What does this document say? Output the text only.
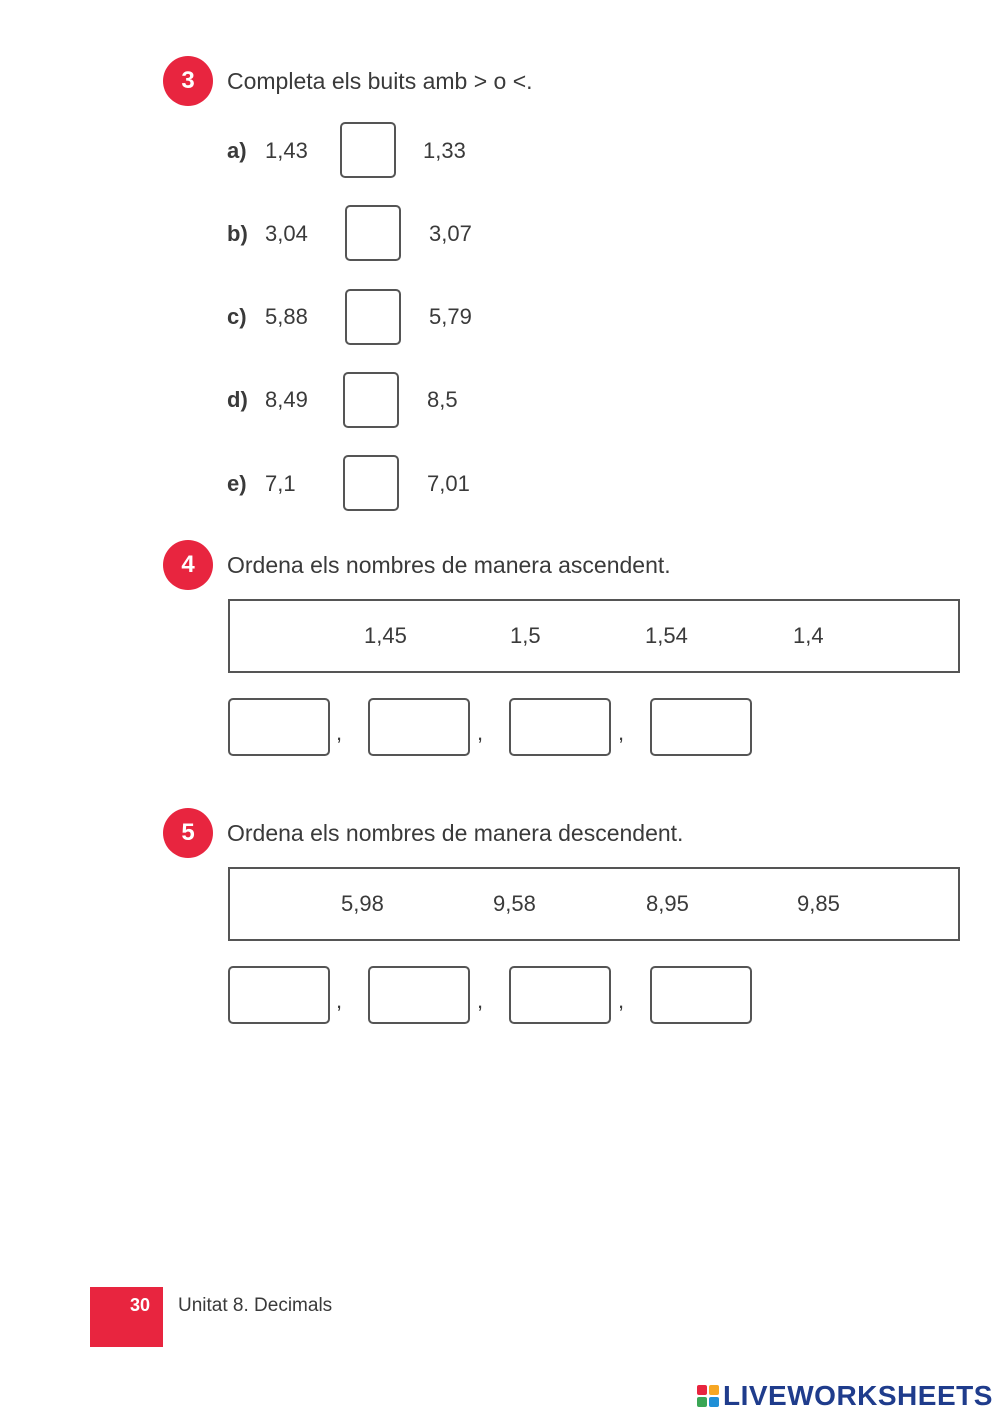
3 Completa els buits amb > o <.
a) 1,43	1,33
b) 3,04	3,07
c) 5,88	5,79
d) 8,49	8,5
e) 7,1	7,01
4 Ordena els nombres de manera ascendent.
1,45	1,5	1,54	1,4
,	,	,
5 Ordena els nombres de manera descendent.
5,98	9,58	8,95	9,85
,	,	,
30 Unitat 8. Decimals
LIVEWORKSHEETS
